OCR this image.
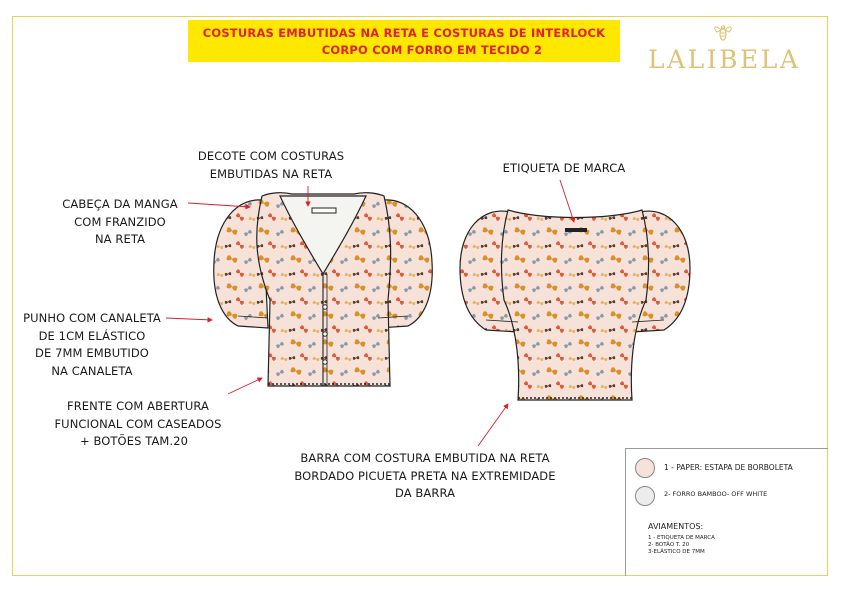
COSTURAS EMBUTIDAS NA RETA E COSTURAS DE INTERLOCK
CORPO COM FORRO EM TECIDO 2	LALIBELA
DECOTE COM COSTURAS
EMBUTIDAS NA RETA
CABEÇA DA MANGA
COM FRANZIDO
NA RETA
PUNHO COM CANALETA
DE 1CM ELÁSTICO
DE 7MM EMBUTIDO
NA CANALETA
FRENTE COM ABERTURA
FUNCIONAL COM CASEADOS
+ BOTÕES TAM.20
ETIQUETA DE MARCA
BARRA COM COSTURA EMBUTIDA NA RETA
BORDADO PICUETA PRETA NA EXTREMIDADE
DA BARRA
1 - PAPER: ESTAPA DE BORBOLETA
2- FORRO BAMBOO- OFF WHITE
AVIAMENTOS:
1 - ETIQUETA DE MARCA
2- BOTÃO T. 20
3-ELÁSTICO DE 7MM
